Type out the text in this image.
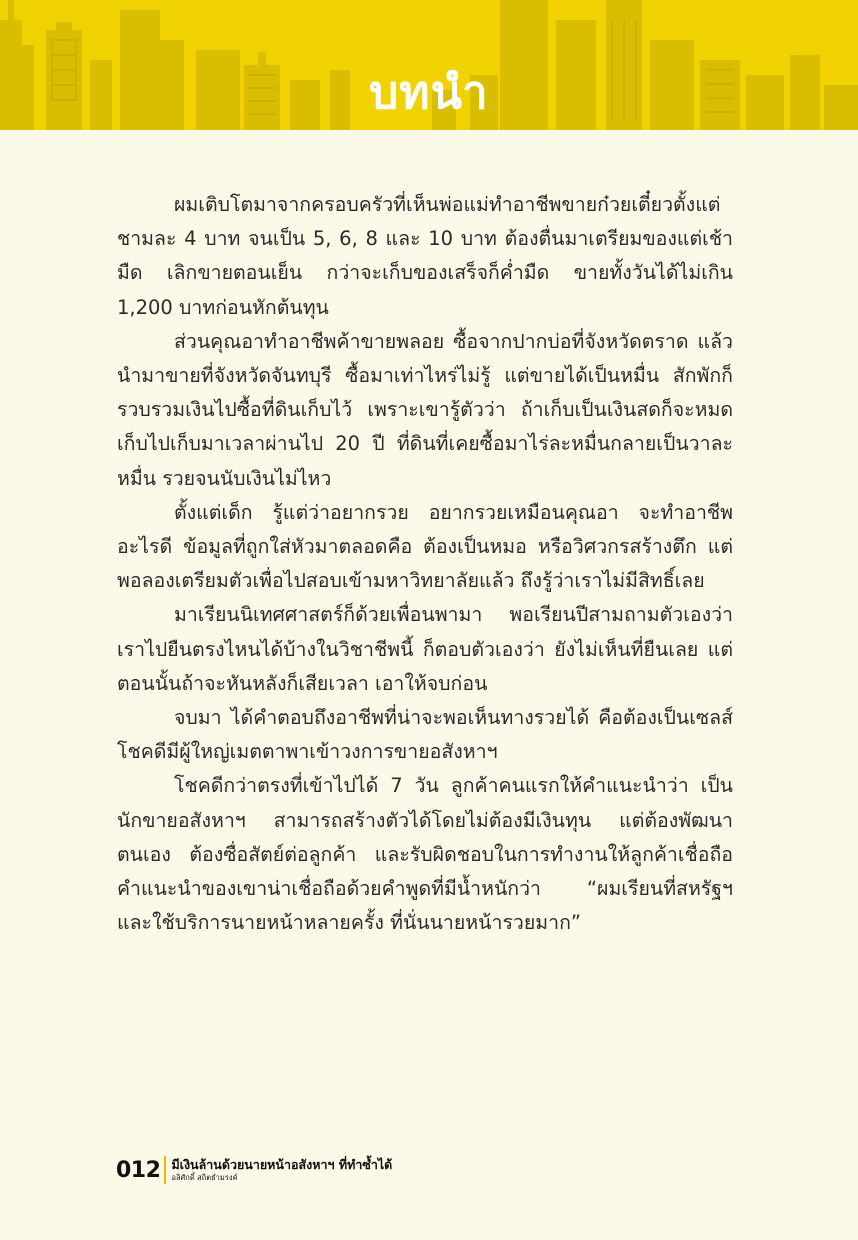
บทนำ

ผมเติบโตมาจากครอบครัวที่เห็นพ่อแม่ทำอาชีพขายก๋วยเตี๋ยวตั้งแต่ชามละ 4 บาท จนเป็น 5, 6, 8 และ 10 บาท ต้องตื่นมาเตรียมของแต่เช้ามืด เลิกขายตอนเย็น กว่าจะเก็บของเสร็จก็ค่ำมืด ขายทั้งวันได้ไม่เกิน 1,200 บาทก่อนหักต้นทุน

ส่วนคุณอาทำอาชีพค้าขายพลอย ซื้อจากปากบ่อที่จังหวัดตราด แล้วนำมาขายที่จังหวัดจันทบุรี ซื้อมาเท่าไหร่ไม่รู้ แต่ขายได้เป็นหมื่น สักพักก็รวบรวมเงินไปซื้อที่ดินเก็บไว้ เพราะเขารู้ตัวว่า ถ้าเก็บเป็นเงินสดก็จะหมด เก็บไปเก็บมาเวลาผ่านไป 20 ปี ที่ดินที่เคยซื้อมาไร่ละหมื่นกลายเป็นวาละหมื่น รวยจนนับเงินไม่ไหว

ตั้งแต่เด็ก รู้แต่ว่าอยากรวย อยากรวยเหมือนคุณอา จะทำอาชีพอะไรดี ข้อมูลที่ถูกใส่หัวมาตลอดคือ ต้องเป็นหมอ หรือวิศวกรสร้างตึก แต่พอลองเตรียมตัวเพื่อไปสอบเข้ามหาวิทยาลัยแล้ว ถึงรู้ว่าเราไม่มีสิทธิ์เลย

มาเรียนนิเทศศาสตร์ก็ด้วยเพื่อนพามา พอเรียนปีสามถามตัวเองว่าเราไปยืนตรงไหนได้บ้างในวิชาชีพนี้ ก็ตอบตัวเองว่า ยังไม่เห็นที่ยืนเลย แต่ตอนนั้นถ้าจะหันหลังก็เสียเวลา เอาให้จบก่อน

จบมา ได้คำตอบถึงอาชีพที่น่าจะพอเห็นทางรวยได้ คือต้องเป็นเซลส์ โชคดีมีผู้ใหญ่เมตตาพาเข้าวงการขายอสังหาฯ

โชคดีกว่าตรงที่เข้าไปได้ 7 วัน ลูกค้าคนแรกให้คำแนะนำว่า เป็นนักขายอสังหาฯ สามารถสร้างตัวได้โดยไม่ต้องมีเงินทุน แต่ต้องพัฒนาตนเอง ต้องซื่อสัตย์ต่อลูกค้า และรับผิดชอบในการทำงานให้ลูกค้าเชื่อถือ คำแนะนำของเขาน่าเชื่อถือด้วยคำพูดที่มีน้ำหนักว่า “ผมเรียนที่สหรัฐฯ และใช้บริการนายหน้าหลายครั้ง ที่นั่นนายหน้ารวยมาก”

012 มีเงินล้านด้วยนายหน้าอสังหาฯ ที่ทำซ้ำได้
อลิศักดิ์ สถิตธำมรงค์
